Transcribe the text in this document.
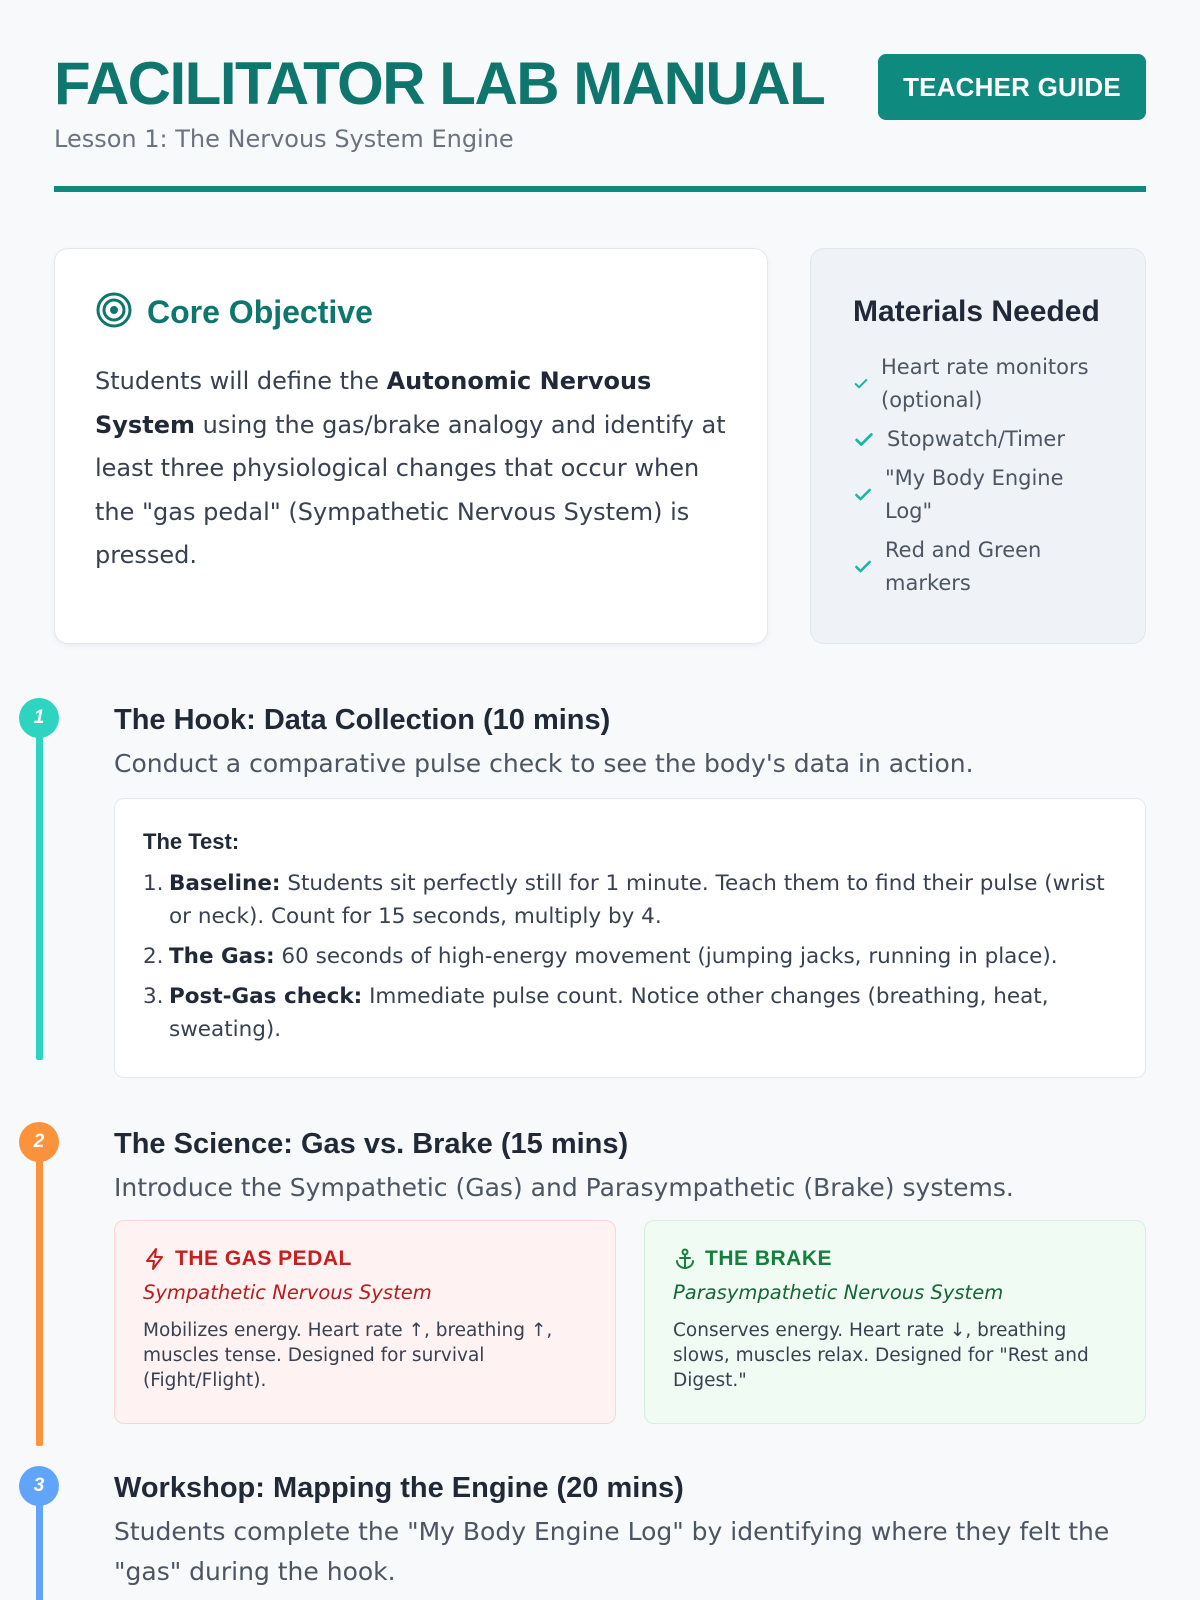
FACILITATOR LAB MANUAL
Lesson 1: The Nervous System Engine
TEACHER GUIDE
Core Objective

Students will define the Autonomic Nervous System using the gas/brake analogy and identify at least three physiological changes that occur when the "gas pedal" (Sympathetic Nervous System) is pressed.

Materials Needed
Heart rate monitors (optional)
Stopwatch/Timer
"My Body Engine Log"
Red and Green markers
1	The Hook: Data Collection (10 mins)
Conduct a comparative pulse check to see the body's data in action.
The Test:
1. Baseline: Students sit perfectly still for 1 minute. Teach them to find their pulse (wrist or neck). Count for 15 seconds, multiply by 4.
2. The Gas: 60 seconds of high-energy movement (jumping jacks, running in place).
3. Post-Gas check: Immediate pulse count. Notice other changes (breathing, heat, sweating).
2	The Science: Gas vs. Brake (15 mins)
Introduce the Sympathetic (Gas) and Parasympathetic (Brake) systems.
THE GAS PEDAL
Sympathetic Nervous System
Mobilizes energy. Heart rate ↑, breathing ↑, muscles tense. Designed for survival (Fight/Flight).
THE BRAKE
Parasympathetic Nervous System
Conserves energy. Heart rate ↓, breathing slows, muscles relax. Designed for "Rest and Digest."
3	Workshop: Mapping the Engine (20 mins)
Students complete the "My Body Engine Log" by identifying where they felt the "gas" during the hook.
